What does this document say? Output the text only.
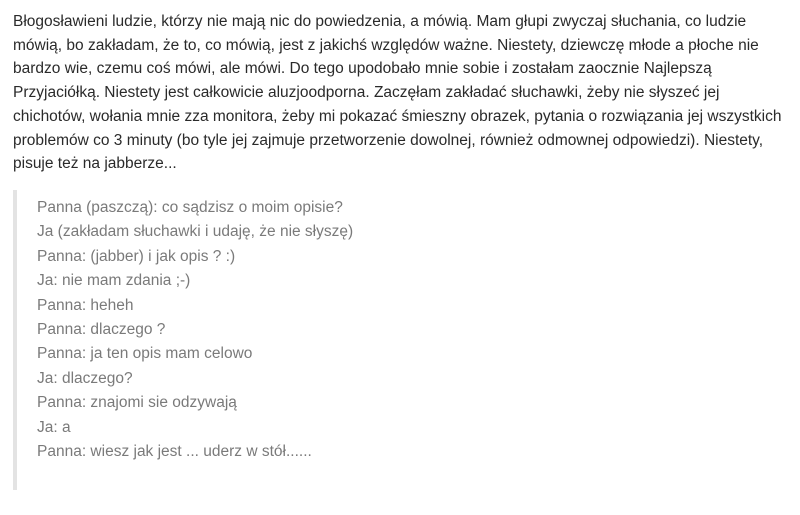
Błogosławieni ludzie, którzy nie mają nic do powiedzenia, a mówią. Mam głupi zwyczaj słuchania, co ludzie mówią, bo zakładam, że to, co mówią, jest z jakichś względów ważne. Niestety, dziewczę młode a płoche nie bardzo wie, czemu coś mówi, ale mówi. Do tego upodobało mnie sobie i zostałam zaocznie Najlepszą Przyjaciółką. Niestety jest całkowicie aluzjoodporna. Zaczęłam zakładać słuchawki, żeby nie słyszeć jej chichotów, wołania mnie zza monitora, żeby mi pokazać śmieszny obrazek, pytania o rozwiązania jej wszystkich problemów co 3 minuty (bo tyle jej zajmuje przetworzenie dowolnej, również odmownej odpowiedzi). Niestety, pisuje też na jabberze...

Panna (paszczą): co sądzisz o moim opisie?
Ja (zakładam słuchawki i udaję, że nie słyszę)
Panna: (jabber) i jak opis ? :)
Ja: nie mam zdania ;-)
Panna: heheh
Panna: dlaczego ?
Panna: ja ten opis mam celowo
Ja: dlaczego?
Panna: znajomi sie odzywają
Ja: a
Panna: wiesz jak jest ... uderz w stół......
